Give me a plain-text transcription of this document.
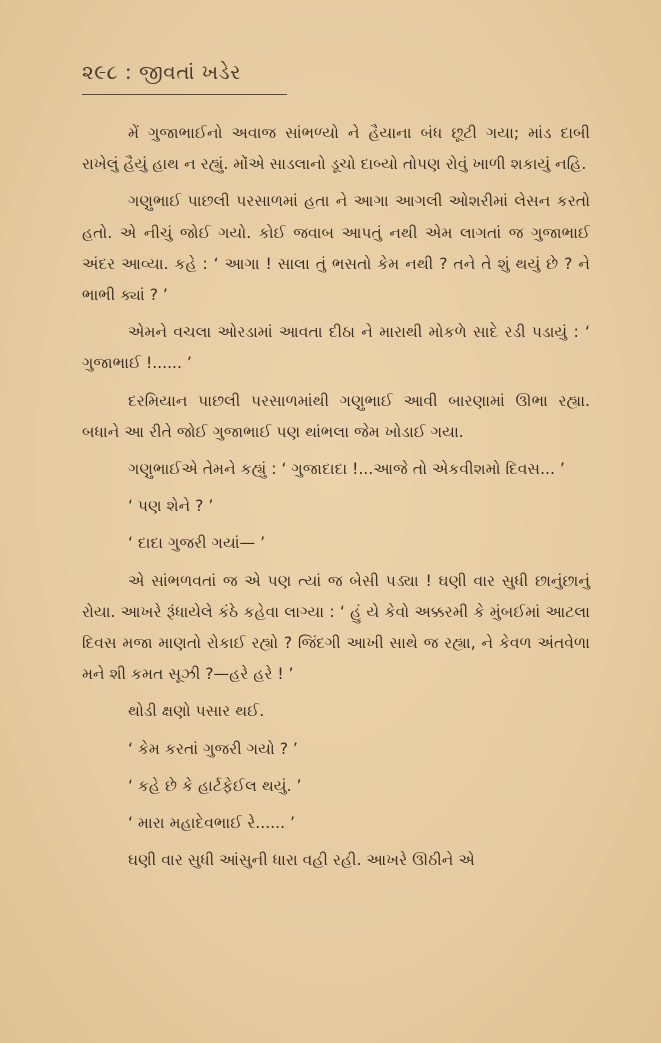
૨૯૮ : જીવતાં ખડેર

મેં ગુજાભાઈનો અવાજ સાંભળ્યો ને હૈયાના બંધ છૂટી ગયા; માંડ દાબી રાખેલું હૈયું હાથ ન રહ્યું. મોંએ સાડલાનો ડૂચો દાબ્યો તોપણ રોવું ખાળી શકાયું નહિ.

ગણુભાઈ પાછલી પરસાળમાં હતા ને આગા આગલી ઓશરીમાં લેસન કરતો હતો. એ નીચું જોઈ ગયો. કોઈ જવાબ આપતું નથી એમ લાગતાં જ ગુજાભાઈ અંદર આવ્યા. કહે : ‘ આગા ! સાલા તું ભસતો કેમ નથી ? તને તે શું થયું છે ? ને ભાભી ક્યાં ? ’

એમને વચલા ઓરડામાં આવતા દીઠા ને મારાથી મોકળે સાદે રડી પડાયું : ‘ ગુજાભાઈ !...... ’

દરમિયાન પાછલી પરસાળમાંથી ગણુભાઈ આવી બારણામાં ઊભા રહ્યા. બધાને આ રીતે જોઈ ગુજાભાઈ પણ થાંભલા જેમ ખોડાઈ ગયા.

ગણુભાઈએ તેમને કહ્યું : ‘ ગુજાદાદા !...આજે તો એકવીશમો દિવસ... ’

‘ પણ શેને ? ’

‘ દાદા ગુજરી ગયાં— ’

એ સાંભળવતાં જ એ પણ ત્યાં જ બેસી પડ્યા ! ઘણી વાર સુધી છાનુંછાનું રોયા. આખરે રૂંધાયેલે કંઠે કહેવા લાગ્યા : ‘ હું યે કેવો અક્કરમી કે મુંબઈમાં આટલા દિવસ મજા માણતો રોકાઈ રહ્યો ? જિંદગી આખી સાથે જ રહ્યા, ને કેવળ અંતવેળા મને શી કમત સૂઝી ?—હરે હરે ! ’

થોડી ક્ષણો પસાર થઈ.

‘ કેમ કરતાં ગુજરી ગયો ? ’

‘ કહે છે કે હાર્ટફેઈલ થયું. ’

‘ મારા મહાદેવભાઈ રે...... ’

ઘણી વાર સુધી આંસુની ધારા વહી રહી. આખરે ઊઠીને એ
